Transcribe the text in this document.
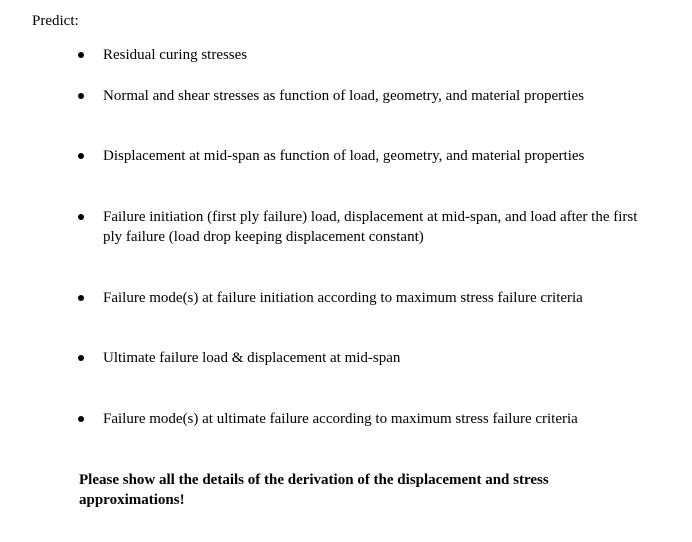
Predict:
Residual curing stresses
Normal and shear stresses as function of load, geometry, and material properties
Displacement at mid-span as function of load, geometry, and material properties
Failure initiation (first ply failure) load, displacement at mid-span, and load after the first ply failure (load drop keeping displacement constant)
Failure mode(s) at failure initiation according to maximum stress failure criteria
Ultimate failure load & displacement at mid-span
Failure mode(s) at ultimate failure according to maximum stress failure criteria
Please show all the details of the derivation of the displacement and stress approximations!
